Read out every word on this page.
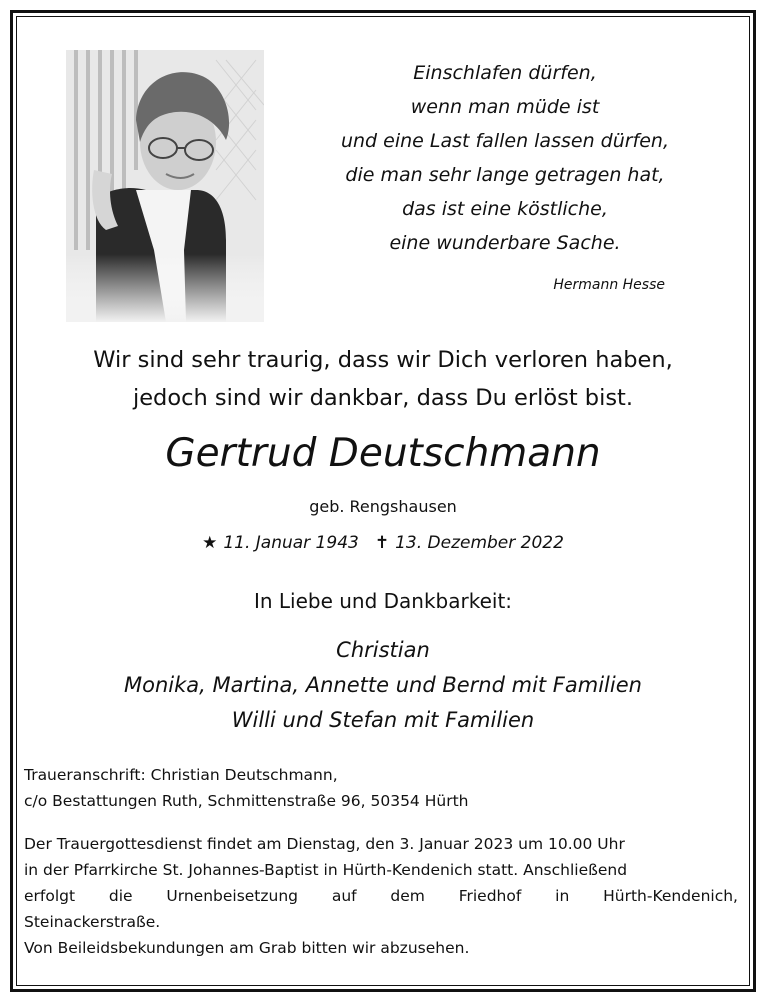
Einschlafen dürfen,
wenn man müde ist
und eine Last fallen lassen dürfen,
die man sehr lange getragen hat,
das ist eine köstliche,
eine wunderbare Sache.
Hermann Hesse
Wir sind sehr traurig, dass wir Dich verloren haben,
jedoch sind wir dankbar, dass Du erlöst bist.
Gertrud Deutschmann
geb. Rengshausen
★ 11. Januar 1943 ✝ 13. Dezember 2022
In Liebe und Dankbarkeit:
Christian
Monika, Martina, Annette und Bernd mit Familien
Willi und Stefan mit Familien
Traueranschrift: Christian Deutschmann,
c/o Bestattungen Ruth, Schmittenstraße 96, 50354 Hürth
Der Trauergottesdienst findet am Dienstag, den 3. Januar 2023 um 10.00 Uhr
in der Pfarrkirche St. Johannes-Baptist in Hürth-Kendenich statt. Anschließend
erfolgt die Urnenbeisetzung auf dem Friedhof in Hürth-Kendenich,
Steinackerstraße.
Von Beileidsbekundungen am Grab bitten wir abzusehen.
